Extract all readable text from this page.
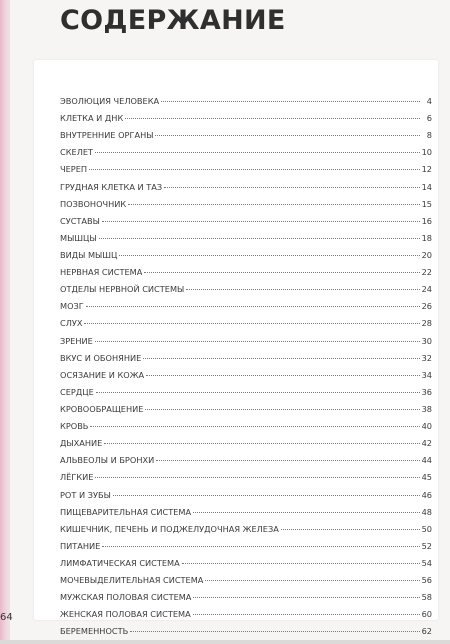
СОДЕРЖАНИЕ
ЭВОЛЮЦИЯ ЧЕЛОВЕКА	4
КЛЕТКА И ДНК	6
ВНУТРЕННИЕ ОРГАНЫ	8
СКЕЛЕТ	10
ЧЕРЕП	12
ГРУДНАЯ КЛЕТКА И ТАЗ	14
ПОЗВОНОЧНИК	15
СУСТАВЫ	16
МЫШЦЫ	18
ВИДЫ МЫШЦ	20
НЕРВНАЯ СИСТЕМА	22
ОТДЕЛЫ НЕРВНОЙ СИСТЕМЫ	24
МОЗГ	26
СЛУХ	28
ЗРЕНИЕ	30
ВКУС И ОБОНЯНИЕ	32
ОСЯЗАНИЕ И КОЖА	34
СЕРДЦЕ	36
КРОВООБРАЩЕНИЕ	38
КРОВЬ	40
ДЫХАНИЕ	42
АЛЬВЕОЛЫ И БРОНХИ	44
ЛЁГКИЕ	45
РОТ И ЗУБЫ	46
ПИЩЕВАРИТЕЛЬНАЯ СИСТЕМА	48
КИШЕЧНИК, ПЕЧЕНЬ И ПОДЖЕЛУДОЧНАЯ ЖЕЛЕЗА	50
ПИТАНИЕ	52
ЛИМФАТИЧЕСКАЯ СИСТЕМА	54
МОЧЕВЫДЕЛИТЕЛЬНАЯ СИСТЕМА	56
МУЖСКАЯ ПОЛОВАЯ СИСТЕМА	58
ЖЕНСКАЯ ПОЛОВАЯ СИСТЕМА	60
БЕРЕМЕННОСТЬ	62
64
